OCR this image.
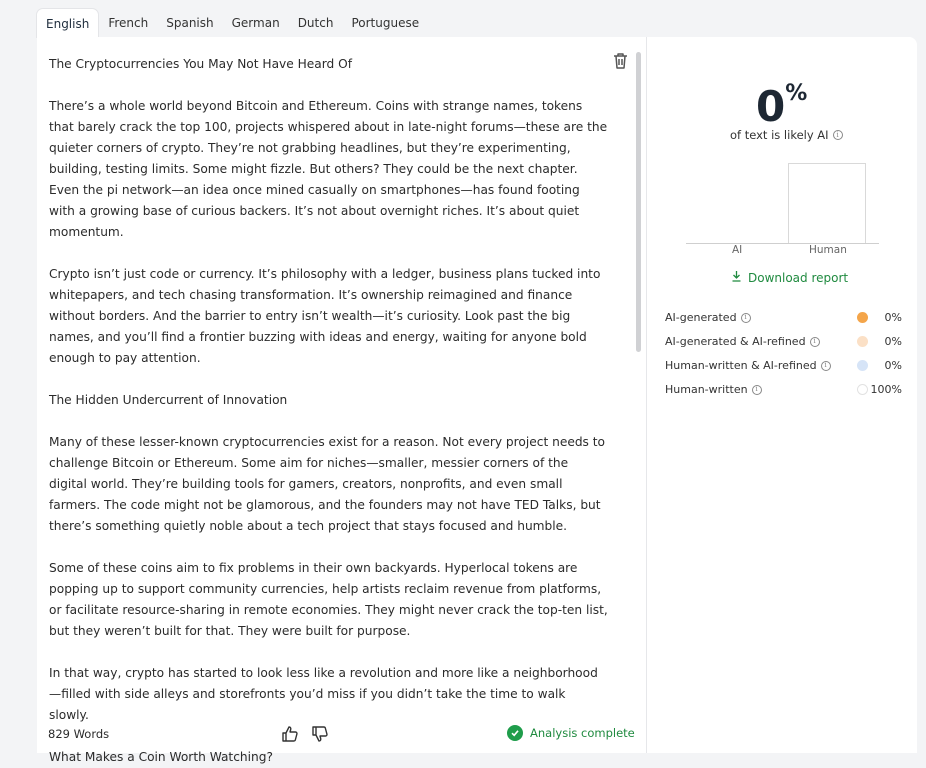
English	French	Spanish	German	Dutch	Portuguese

The Cryptocurrencies You May Not Have Heard Of

There’s a whole world beyond Bitcoin and Ethereum. Coins with strange names, tokens that barely crack the top 100, projects whispered about in late-night forums—these are the quieter corners of crypto. They’re not grabbing headlines, but they’re experimenting, building, testing limits. Some might fizzle. But others? They could be the next chapter. Even the pi network—an idea once mined casually on smartphones—has found footing with a growing base of curious backers. It’s not about overnight riches. It’s about quiet momentum.

Crypto isn’t just code or currency. It’s philosophy with a ledger, business plans tucked into whitepapers, and tech chasing transformation. It’s ownership reimagined and finance without borders. And the barrier to entry isn’t wealth—it’s curiosity. Look past the big names, and you’ll find a frontier buzzing with ideas and energy, waiting for anyone bold enough to pay attention.

The Hidden Undercurrent of Innovation

Many of these lesser-known cryptocurrencies exist for a reason. Not every project needs to challenge Bitcoin or Ethereum. Some aim for niches—smaller, messier corners of the digital world. They’re building tools for gamers, creators, nonprofits, and even small farmers. The code might not be glamorous, and the founders may not have TED Talks, but there’s something quietly noble about a tech project that stays focused and humble.

Some of these coins aim to fix problems in their own backyards. Hyperlocal tokens are popping up to support community currencies, help artists reclaim revenue from platforms, or facilitate resource-sharing in remote economies. They might never crack the top-ten list, but they weren’t built for that. They were built for purpose.

In that way, crypto has started to look less like a revolution and more like a neighborhood—filled with side alleys and storefronts you’d miss if you didn’t take the time to walk slowly.

What Makes a Coin Worth Watching?

829 Words	Analysis complete
0%
of text is likely AI	i
AI	Human
Download report
AI-generated	i	0%
AI-generated & AI-refined	i	0%
Human-written & AI-refined	i	0%
Human-written	i	100%
